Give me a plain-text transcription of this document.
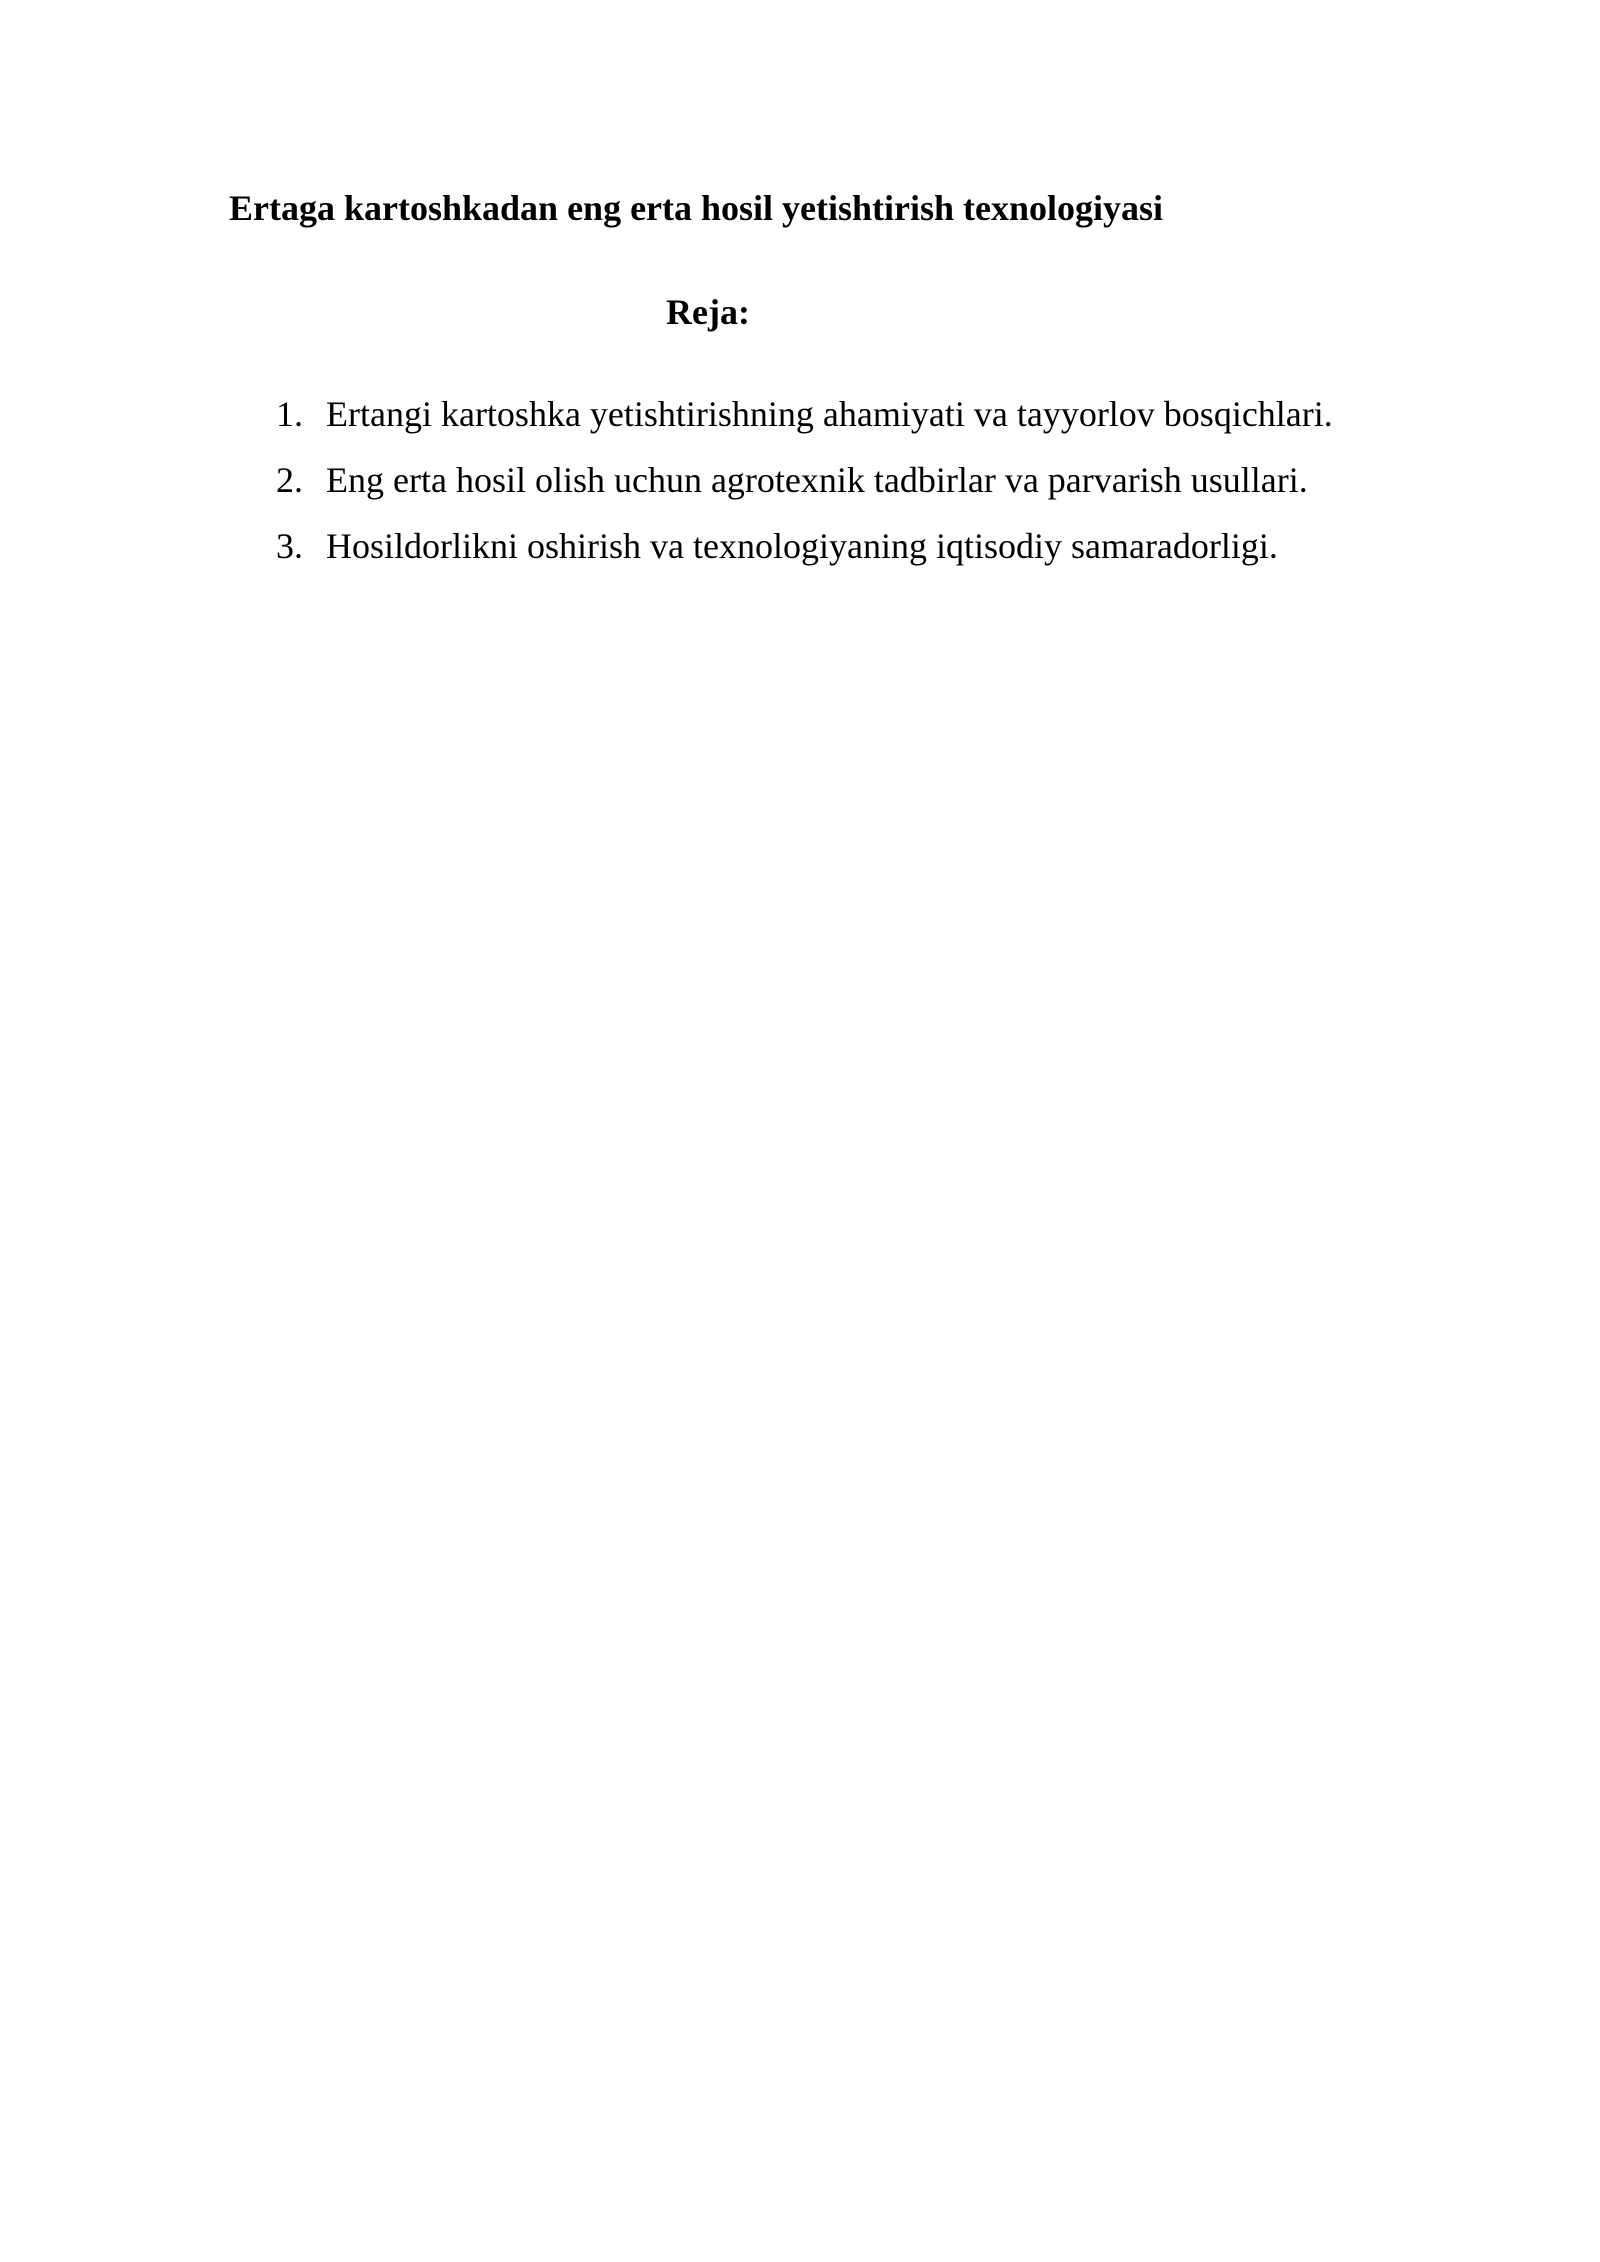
Ertaga kartoshkadan eng erta hosil yetishtirish texnologiyasi
Reja:
1. Ertangi kartoshka yetishtirishning ahamiyati va tayyorlov bosqichlari.
2. Eng erta hosil olish uchun agrotexnik tadbirlar va parvarish usullari.
3. Hosildorlikni oshirish va texnologiyaning iqtisodiy samaradorligi.
